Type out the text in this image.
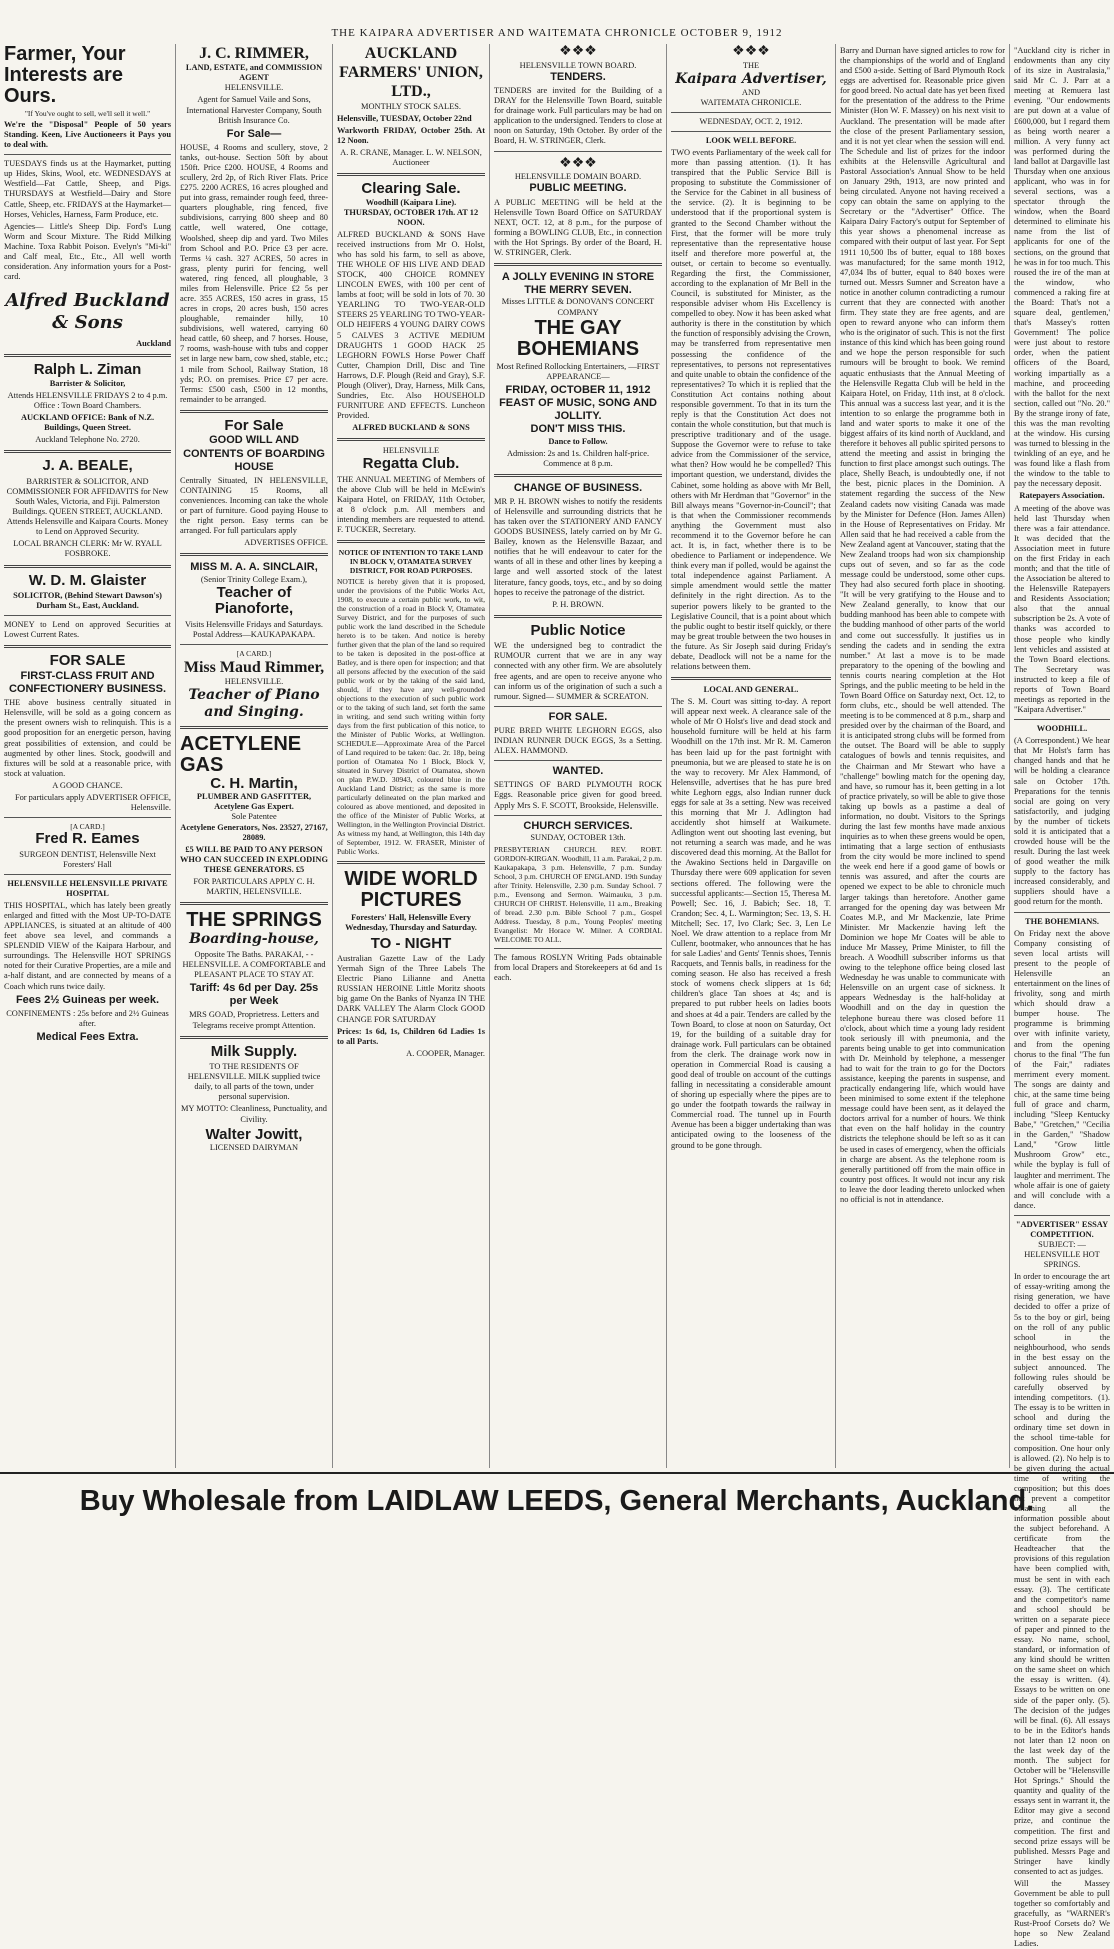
THE KAIPARA ADVERTISER AND WAITEMATA CHRONICLE OCTOBER 9, 1912
Farmer, Your Interests are Ours.

"If You've ought to sell, we'll sell it well."

We're the "Disposal" People of 50 years Standing. Keen, Live Auctioneers it Pays you to deal with.

TUESDAYS finds us at the Haymarket, putting up Hides, Skins, Wool, etc. WEDNESDAYS at Westfield—Fat Cattle, Sheep, and Pigs. THURSDAYS at Westfield—Dairy and Store Cattle, Sheep, etc. FRIDAYS at the Haymarket—Horses, Vehicles, Harness, Farm Produce, etc.

Agencies— Little's Sheep Dip. Ford's Lung Worm and Scour Mixture. The Ridd Milking Machine. Toxa Rabbit Poison. Evelyn's "Mi-ki" and Calf meal, Etc., Etc., All well worth consideration. Any information yours for a Post-card.

Alfred Buckland & Sons
Auckland
Ralph L. Ziman
Barrister & Solicitor,

Attends HELENSVILLE FRIDAYS 2 to 4 p.m. Office : Town Board Chambers.

AUCKLAND OFFICE: Bank of N.Z. Buildings, Queen Street.

Auckland Telephone No. 2720.

J. A. BEALE,

BARRISTER & SOLICITOR, AND COMMISSIONER FOR AFFIDAVITS for New South Wales, Victoria, and Fiji. Palmerston Buildings. QUEEN STREET, AUCKLAND. Attends Helensville and Kaipara Courts. Money to Lend on Approved Security.

LOCAL BRANCH CLERK: Mr W. RYALL FOSBROKE.

W. D. M. Glaister

SOLICITOR, (Behind Stewart Dawson's) Durham St., East, Auckland.

MONEY to Lend on approved Securities at Lowest Current Rates.

FOR SALE
FIRST-CLASS FRUIT AND CONFECTIONERY BUSINESS.

THE above business centrally situated in Helensville, will be sold as a going concern as the present owners wish to relinquish. This is a good proposition for an energetic person, having great possibilities of extension, and could be augmented by other lines. Stock, goodwill and fixtures will be sold at a reasonable price, with stock at valuation.

A GOOD CHANCE.

For particulars apply ADVERTISER OFFICE, Helensville.

[A CARD.]
Fred R. Eames

SURGEON DENTIST, Helensville Next Foresters' Hall

HELENSVILLE HELENSVILLE PRIVATE HOSPITAL

THIS HOSPITAL, which has lately been greatly enlarged and fitted with the Most UP-TO-DATE APPLIANCES, is situated at an altitude of 400 feet above sea level, and commands a SPLENDID VIEW of the Kaipara Harbour, and surroundings. The Helensville HOT SPRINGS noted for their Curative Properties, are a mile and a-half distant, and are connected by means of a Coach which runs twice daily.

Fees 2½ Guineas per week.

CONFINEMENTS : 25s before and 2½ Guineas after.

Medical Fees Extra.
J. C. RIMMER,
LAND, ESTATE, and COMMISSION AGENT
HELENSVILLE.

Agent for Samuel Vaile and Sons, International Harvester Company, South British Insurance Co.

For Sale—

HOUSE, 4 Rooms and scullery, stove, 2 tanks, out-house. Section 50ft by about 150ft. Price £200. HOUSE, 4 Rooms and scullery, 2rd 2p, of Rich River Flats. Price £275. 2200 ACRES, 16 acres ploughed and put into grass, remainder rough feed, three-quarters ploughable, ring fenced, five subdivisions, carrying 800 sheep and 80 cattle, well watered, One cottage, Woolshed, sheep dip and yard. Two Miles from School and P.O. Price £3 per acre. Terms ¼ cash. 327 ACRES, 50 acres in grass, plenty puriri for fencing, well watered, ring fenced, all ploughable, 3 miles from Helensville. Price £2 5s per acre. 355 ACRES, 150 acres in grass, 15 acres in crops, 20 acres bush, 150 acres ploughable, remainder hilly, 10 subdivisions, well watered, carrying 60 head cattle, 60 sheep, and 7 horses. House, 7 rooms, wash-house with tubs and copper set in large new barn, cow shed, stable, etc.; 1 mile from School, Railway Station, 18 yds; P.O. on premises. Price £7 per acre. Terms: £500 cash, £500 in 12 months, remainder to be arranged.

For Sale
GOOD WILL AND CONTENTS OF BOARDING HOUSE

Centrally Situated, IN HELENSVILLE, CONTAINING 15 Rooms, all conveniences. Incoming can take the whole or part of furniture. Good paying House to the right person. Easy terms can be arranged. For full particulars apply

ADVERTISES OFFICE.

MISS M. A. A. SINCLAIR,
(Senior Trinity College Exam.),
Teacher of Pianoforte,

Visits Helensville Fridays and Saturdays. Postal Address—KAUKAPAKAPA.

[A CARD.]
Miss Maud Rimmer,
HELENSVILLE.
Teacher of Piano and Singing.
ACETYLENE GAS
C. H. Martin,
PLUMBER AND GASFITTER, Acetylene Gas Expert.
Sole Patentee
Acetylene Generators, Nos. 23527, 27167, 28089.

£5 WILL BE PAID TO ANY PERSON WHO CAN SUCCEED IN EXPLODING THESE GENERATORS. £5

FOR PARTICULARS APPLY C. H. MARTIN, HELENSVILLE.

THE SPRINGS
Boarding-house,

Opposite The Baths. PARAKAI, - - HELENSVILLE. A COMFORTABLE and PLEASANT PLACE TO STAY AT.

Tariff: 4s 6d per Day. 25s per Week

MRS GOAD, Proprietress. Letters and Telegrams receive prompt Attention.

Milk Supply.

TO THE RESIDENTS OF HELENSVILLE. MILK supplied twice daily, to all parts of the town, under personal supervision.

MY MOTTO: Cleanliness, Punctuality, and Civility.

Walter Jowitt,
LICENSED DAIRYMAN
AUCKLAND FARMERS' UNION, LTD.,
MONTHLY STOCK SALES.

Helensville, TUESDAY, October 22nd

Warkworth FRIDAY, October 25th. At 12 Noon.

A. R. CRANE, Manager. L. W. NELSON, Auctioneer

Clearing Sale.
Woodhill (Kaipara Line).
THURSDAY, OCTOBER 17th. AT 12 NOON.

ALFRED BUCKLAND & SONS Have received instructions from Mr O. Holst, who has sold his farm, to sell as above, THE WHOLE OF HIS LIVE AND DEAD STOCK, 400 CHOICE ROMNEY LINCOLN EWES, with 100 per cent of lambs at foot; will be sold in lots of 70. 30 YEARLING TO TWO-YEAR-OLD STEERS 25 YEARLING TO TWO-YEAR-OLD HEIFERS 4 YOUNG DAIRY COWS 5 CALVES 3 ACTIVE MEDIUM DRAUGHTS 1 GOOD HACK 25 LEGHORN FOWLS Horse Power Chaff Cutter, Champion Drill, Disc and Tine Harrows, D.F. Plough (Reid and Gray), S.F. Plough (Oliver), Dray, Harness, Milk Cans, Sundries, Etc. Also HOUSEHOLD FURNITURE AND EFFECTS. Luncheon Provided.

ALFRED BUCKLAND & SONS
HELENSVILLE
Regatta Club.

THE ANNUAL MEETING of Members of the above Club will be held in McEwin's Kaipara Hotel, on FRIDAY, 11th October, at 8 o'clock p.m. All members and intending members are requested to attend. F. TUCKER, Secretary.

NOTICE OF INTENTION TO TAKE LAND IN BLOCK V, OTAMATEA SURVEY DISTRICT, FOR ROAD PURPOSES.

NOTICE is hereby given that it is proposed, under the provisions of the Public Works Act, 1908, to execute a certain public work, to wit, the construction of a road in Block V, Otamatea Survey District, and for the purposes of such public work the land described in the Schedule hereto is to be taken. And notice is hereby further given that the plan of the land so required to be taken is deposited in the post-office at Batley, and is there open for inspection; and that all persons affected by the execution of the said public work or by the taking of the said land, should, if they have any well-grounded objections to the execution of such public work or to the taking of such land, set forth the same in writing, and send such writing within forty days from the first publication of this notice, to the Minister of Public Works, at Wellington. SCHEDULE—Approximate Area of the Parcel of Land required to be taken: 0ac. 2r. 18p, being portion of Otamatea No 1 Block, Block V, situated in Survey District of Otamatea, shown on plan P.W.D. 30943, coloured blue in the Auckland Land District; as the same is more particularly delineated on the plan marked and coloured as above mentioned, and deposited in the office of the Minister of Public Works, at Wellington, in the Wellington Provincial District. As witness my hand, at Wellington, this 14th day of September, 1912. W. FRASER, Minister of Public Works.

WIDE WORLD PICTURES

Foresters' Hall, Helensville Every Wednesday, Thursday and Saturday.

TO - NIGHT

Australian Gazette Law of the Lady Yermah Sign of the Three Labels The Electric Piano Lilianne and Anetta RUSSIAN HEROINE Little Moritz shoots big game On the Banks of Nyanza IN THE DARK VALLEY The Alarm Clock GOOD CHANGE FOR SATURDAY

Prices: 1s 6d, 1s, Children 6d Ladies 1s to all Parts.

A. COOPER, Manager.

❖❖❖
HELENSVILLE TOWN BOARD.
TENDERS.

TENDERS are invited for the Building of a DRAY for the Helensville Town Board, suitable for drainage work. Full particulars may be had on application to the undersigned. Tenders to close at noon on Saturday, 19th October. By order of the Board, H. W. STRINGER, Clerk.

❖❖❖
HELENSVILLE DOMAIN BOARD.
PUBLIC MEETING.

A PUBLIC MEETING will be held at the Helensville Town Board Office on SATURDAY NEXT, OCT. 12, at 8 p.m., for the purpose of forming a BOWLING CLUB, Etc., in connection with the Hot Springs. By order of the Board, H. W. STRINGER, Clerk.

A JOLLY EVENING IN STORE THE MERRY SEVEN.
Misses LITTLE & DONOVAN'S CONCERT COMPANY
THE GAY BOHEMIANS

Most Refined Rollocking Entertainers, —FIRST APPEARANCE—

FRIDAY, OCTOBER 11, 1912
FEAST OF MUSIC, SONG AND JOLLITY.
DON'T MISS THIS.
Dance to Follow.

Admission: 2s and 1s. Children half-price. Commence at 8 p.m.

CHANGE OF BUSINESS.

MR P. H. BROWN wishes to notify the residents of Helensville and surrounding districts that he has taken over the STATIONERY AND FANCY GOODS BUSINESS, lately carried on by Mr G. Bailey, known as the Helensville Bazaar, and notifies that he will endeavour to cater for the wants of all in these and other lines by keeping a large and well assorted stock of the latest literature, fancy goods, toys, etc., and by so doing hopes to receive the patronage of the district.

P. H. BROWN.

Public Notice

WE the undersigned beg to contradict the RUMOUR current that we are in any way connected with any other firm. We are absolutely free agents, and are open to receive anyone who can inform us of the origination of such a such a rumour. Signed— SUMMER & SCREATON.

FOR SALE.

PURE BRED WHITE LEGHORN EGGS, also INDIAN RUNNER DUCK EGGS, 3s a Setting. ALEX. HAMMOND.

WANTED.

SETTINGS OF BARD PLYMOUTH ROCK Eggs. Reasonable price given for good breed. Apply Mrs S. F. SCOTT, Brookside, Helensville.

CHURCH SERVICES.
SUNDAY, OCTOBER 13th.

PRESBYTERIAN CHURCH. REV. ROBT. GORDON-KIRGAN. Woodhill, 11 a.m. Parakai, 2 p.m. Kaukapakapa, 3 p.m. Helensville, 7 p.m. Sunday School, 3 p.m. CHURCH OF ENGLAND. 19th Sunday after Trinity. Helensville, 2.30 p.m. Sunday School. 7 p.m., Evensong and Sermon. Waimauku, 3 p.m. CHURCH OF CHRIST. Helensville, 11 a.m., Breaking of bread. 2.30 p.m. Bible School 7 p.m., Gospel Address. Tuesday, 8 p.m., Young Peoples' meeting Evangelist: Mr Horace W. Milner. A CORDIAL WELCOME TO ALL.

The famous ROSLYN Writing Pads obtainable from local Drapers and Storekeepers at 6d and 1s each.

❖❖❖
THE
Kaipara Advertiser,
AND
WAITEMATA CHRONICLE.
WEDNESDAY, OCT. 2, 1912.
LOOK WELL BEFORE.

TWO events Parliamentary of the week call for more than passing attention. (1). It has transpired that the Public Service Bill is proposing to substitute the Commissioner of the Service for the Cabinet in all business of the service. (2). It is beginning to be understood that if the proportional system is granted to the Second Chamber without the First, that the former will be more truly representative than the representative house itself and therefore more powerful at, the outset, or certain to become so eventually. Regarding the first, the Commissioner, according to the explanation of Mr Bell in the Council, is substituted for Minister, as the responsible adviser whom His Excellency is compelled to obey. Now it has been asked what authority is there in the constitution by which the function of responsibly advising the Crown, may be transferred from representative men possessing the confidence of the representatives, to persons not representatives and quite unable to obtain the confidence of the representatives? To which it is replied that the Constitution Act contains nothing about responsible government. To that in its turn the reply is that the Constitution Act does not contain the whole constitution, but that much is prescriptive traditionary and of the usage. Suppose the Governor were to refuse to take advice from the Commissioner of the service, what then? How would he be compelled? This important question, we understand, divides the Cabinet, some holding as above with Mr Bell, others with Mr Herdman that "Governor" in the Bill always means "Governor-in-Council"; that is that when the Commissioner recommends anything the Government must also recommend it to the Governor before he can act. It is, in fact, whether there is to be obedience to Parliament or independence. We think every man if polled, would be against the total independence against Parliament. A simple amendment would settle the matter definitely in the right direction. As to the superior powers likely to be granted to the Legislative Council, that is a point about which the public ought to bestir itself quickly, or there may be great trouble between the two houses in the future. As Sir Joseph said during Friday's debate, Deadlock will not be a name for the relations between them.

LOCAL AND GENERAL.

The S. M. Court was sitting to-day. A report will appear next week. A clearance sale of the whole of Mr O Holst's live and dead stock and household furniture will be held at his farm Woodhill on the 17th inst. Mr R. M. Cameron has been laid up for the past fortnight with pneumonia, but we are pleased to state he is on the way to recovery. Mr Alex Hammond, of Helensville, advertises that he has pure bred white Leghorn eggs, also Indian runner duck eggs for sale at 3s a setting. New was received this morning that Mr J. Adlington had accidently shot himself at Waikumete. Adlington went out shooting last evening, but not returning a search was made, and he was discovered dead this morning. At the Ballot for the Awakino Sections held in Dargaville on Thursday there were 609 application for seven sections offered. The following were the successful applicants:—Section 15, Theresa M. Powell; Sec. 16, J. Babich; Sec. 18, T. Crandon; Sec. 4, L. Warmington; Sec. 13, S. H. Mitchell; Sec. 17, Ivo Clark; Sec. 3, Len Le Noel. We draw attention to a replace from Mr Cullenr, bootmaker, who announces that he has for sale Ladies' and Gents' Tennis shoes, Tennis Racquets, and Tennis balls, in readiness for the coming season. He also has received a fresh stock of womens check slippers at 1s 6d; children's glace Tan shoes at 4s; and is prepared to put rubber heels on ladies boots and shoes at 4d a pair. Tenders are called by the Town Board, to close at noon on Saturday, Oct 19, for the building of a suitable dray for drainage work. Full particulars can be obtained from the clerk. The drainage work now in operation in Commercial Road is causing a good deal of trouble on account of the cuttings falling in necessitating a considerable amount of shoring up especially where the pipes are to go under the footpath towards the railway in Commercial road. The tunnel up in Fourth Avenue has been a bigger undertaking than was anticipated owing to the looseness of the ground to be gone through.

Barry and Durnan have signed articles to row for the championships of the world and of England and £500 a-side. Setting of Bard Plymouth Rock eggs are advertised for. Reasonable price given for good breed. No actual date has yet been fixed for the presentation of the address to the Prime Minister (Hon W. F. Massey) on his next visit to Auckland. The presentation will be made after the close of the present Parliamentary session, and it is not yet clear when the session will end. The Schedule and list of prizes for the indoor exhibits at the Helensville Agricultural and Pastoral Association's Annual Show to be held on January 29th, 1913, are now printed and being circulated. Anyone not having received a copy can obtain the same on applying to the Secretary or the "Advertiser" Office. The Kaipara Dairy Factory's output for September of this year shows a phenomenal increase as compared with their output of last year. For Sept 1911 10,500 lbs of butter, equal to 188 boxes was manufactured; for the same month 1912, 47,034 lbs of butter, equal to 840 boxes were turned out. Messrs Sumner and Screaton have a notice in another column contradicting a rumour current that they are connected with another firm. They state they are free agents, and are open to reward anyone who can inform them who is the originator of such. This is not the first instance of this kind which has been going round and we hope the person responsible for such rumours will be brought to book. We remind aquatic enthusiasts that the Annual Meeting of the Helensville Regatta Club will be held in the Kaipara Hotel, on Friday, 11th inst, at 8 o'clock. This annual was a success last year, and it is the intention to so enlarge the programme both in land and water sports to make it one of the biggest affairs of its kind north of Auckland, and therefore it behoves all public spirited persons to attend the meeting and assist in bringing the function to first place amongst such outings. The place, Shelly Beach, is undoubtedly one, if not the best, picnic places in the Dominion. A statement regarding the success of the New Zealand cadets now visiting Canada was made by the Minister for Defence (Hon. James Allen) in the House of Representatives on Friday. Mr Allen said that he had received a cable from the New Zealand agent at Vancouver, stating that the New Zealand troops had won six championship cups out of seven, and so far as the code message could be understood, some other cups. They had also secured forth place in shooting. "It will be very gratifying to the House and to New Zealand generally, to know that our budding manhood has been able to compete with the budding manhood of other parts of the world and come out successfully. It justifies us in sending the cadets and in sending the extra number." At last a move is to be made preparatory to the opening of the bowling and tennis courts nearing completion at the Hot Springs, and the public meeting to be held in the Town Board Office on Saturday next, Oct. 12, to form clubs, etc., should be well attended. The meeting is to be commenced at 8 p.m., sharp and presided over by the chairman of the Board, and it is anticipated strong clubs will be formed from the outset. The Board will be able to supply catalogues of bowls and tennis requisites, and the Chairman and Mr Stewart who have a "challenge" bowling match for the opening day, and have, so rumour has it, been getting in a lot of practice privately, so will be able to give those taking up bowls as a pastime a deal of information, no doubt. Visitors to the Springs during the last few months have made anxious inquiries as to when these greens would be open, intimating that a large section of enthusiasts from the city would be more inclined to spend the week end here if a good game of bowls or tennis was assured, and after the courts are opened we expect to be able to chronicle much larger takings than heretofore. Another game arranged for the opening day was between Mr Coates M.P., and Mr Mackenzie, late Prime Minister. Mr Mackenzie having left the Dominion we hope Mr Coates will be able to induce Mr Massey, Prime Minister, to fill the breach. A Woodhill subscriber informs us that owing to the telephone office being closed last Wednesday he was unable to communicate with Helensville on an urgent case of sickness. It appears Wednesday is the half-holiday at Woodhill and on the day in question the telephone bureau there was closed before 11 o'clock, about which time a young lady resident took seriously ill with pneumonia, and the parents being unable to get into communication with Dr. Meinhold by telephone, a messenger had to wait for the train to go for the Doctors assistance, keeping the parents in suspense, and practically endangering life, which would have been minimised to some extent if the telephone message could have been sent, as it delayed the doctors arrival for a number of hours. We think that even on the half holiday in the country districts the telephone should be left so as it can be used in cases of emergency, when the officials in charge are absent. As the telephone room is generally partitioned off from the main office in country post offices. It would not incur any risk to leave the door leading thereto unlocked when no official is not in attendance.

"Auckland city is richer in endowments than any city of its size in Australasia," said Mr C. J. Parr at a meeting at Remuera last evening. "Our endowments are put down at a value of £600,000, but I regard them as being worth nearer a million. A very funny act was performed during the land ballot at Dargaville last Thursday when one anxious applicant, who was in for several sections, was a spectator through the window, when the Board determined to eliminate his name from the list of applicants for one of the sections, on the ground that he was in for too much. This roused the ire of the man at the window, who commenced a raking fire at the Board: That's not a square deal, gentlemen,' that's Massey's rotten Government! The police were just about to restore order, when the patient officers of the Board, working impartially as a machine, and proceeding with the ballot for the next section, called out "No. 20." By the strange irony of fate, this was the man revolting at the window. His cursing was turned to blessing in the twinkling of an eye, and he was found like a flash from the window to the table to pay the necessary deposit.

Ratepayers Association.

A meeting of the above was held last Thursday when there was a fair attendance. It was decided that the Association meet in future on the first Friday in each month; and that the title of the Association be altered to the Helensville Ratepayers and Residents Association; also that the annual subscription be 2s. A vote of thanks was accorded to those people who kindly lent vehicles and assisted at the Town Board elections. The Secretary was instructed to keep a file of reports of Town Board meetings as reported in the "Kaipara Advertiser."

WOODHILL.

(A Correspondent.) We hear that Mr Holst's farm has changed hands and that he will be holding a clearance sale on October 17th. Preparations for the tennis social are going on very satisfactorily, and judging by the number of tickets sold it is anticipated that a crowded house will be the result. During the last week of good weather the milk supply to the factory has increased considerably, and suppliers should have a good return for the month.

THE BOHEMIANS.

On Friday next the above Company consisting of seven local artists will present to the people of Helensville an entertainment on the lines of frivolity, song and mirth which should draw a bumper house. The programme is brimming over with infinite variety, and from the opening chorus to the final "The fun of the Fair," radiates merriment every moment. The songs are dainty and chic, at the same time being full of grace and charm, including "Sleep Kentucky Babe," "Gretchen," "Cecilia in the Garden," "Shadow Land," "Grow little Mushroom Grow" etc., while the byplay is full of laughter and merriment. The whole affair is one of gaiety and will conclude with a dance.

"ADVERTISER" ESSAY COMPETITION.
SUBJECT: — HELENSVILLE HOT SPRINGS.

In order to encourage the art of essay-writing among the rising generation, we have decided to offer a prize of 5s to the boy or girl, being on the roll of any public school in the neighbourhood, who sends in the best essay on the subject announced. The following rules should be carefully observed by intending competitors. (1). The essay is to be written in school and during the ordinary time set down in the school time-table for composition. One hour only is allowed. (2). No help is to be given during the actual time of writing the composition; but this does not prevent a competitor obtaining all the information possible about the subject beforehand. A certificate from the Headteacher that the provisions of this regulation have been complied with, must be sent in with each essay. (3). The certificate and the competitor's name and school should be written on a separate piece of paper and pinned to the essay. No name, school, standard, or information of any kind should be written on the same sheet on which the essay is written. (4). Essays to be written on one side of the paper only. (5). The decision of the judges will be final. (6). All essays to be in the Editor's hands not later than 12 noon on the last week day of the month. The subject for October will be "Helensville Hot Springs." Should the quantity and quality of the essays sent in warrant it, the Editor may give a second prize, and continue the competition. The first and second prize essays will be published. Messrs Page and Stringer have kindly consented to act as judges.

Will the Massey Government be able to pull together so comfortably and gracefully, as "WARNER's Rust-Proof Corsets do? We hope so New Zealand Ladies.

Buy Wholesale from LAIDLAW LEEDS, General Merchants, Auckland.
